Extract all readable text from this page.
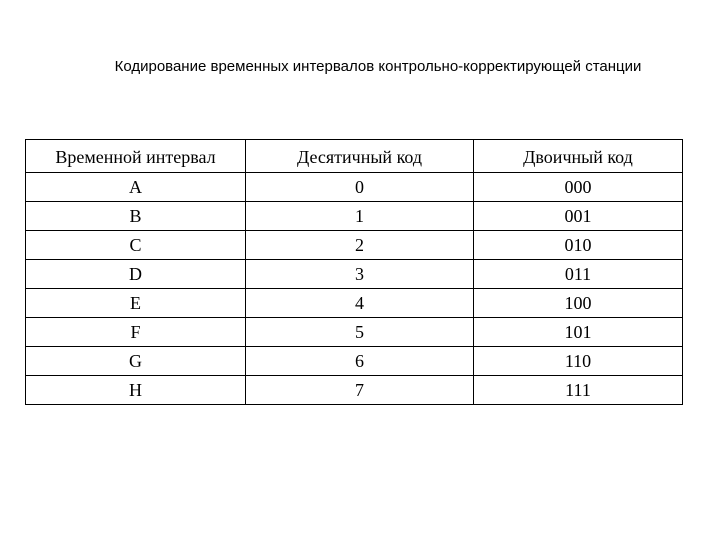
Кодирование временных интервалов контрольно-корректирующей станции
Временной интервал	Десятичный код	Двоичный код
A	0	000
B	1	001
C	2	010
D	3	011
E	4	100
F	5	101
G	6	110
H	7	111
